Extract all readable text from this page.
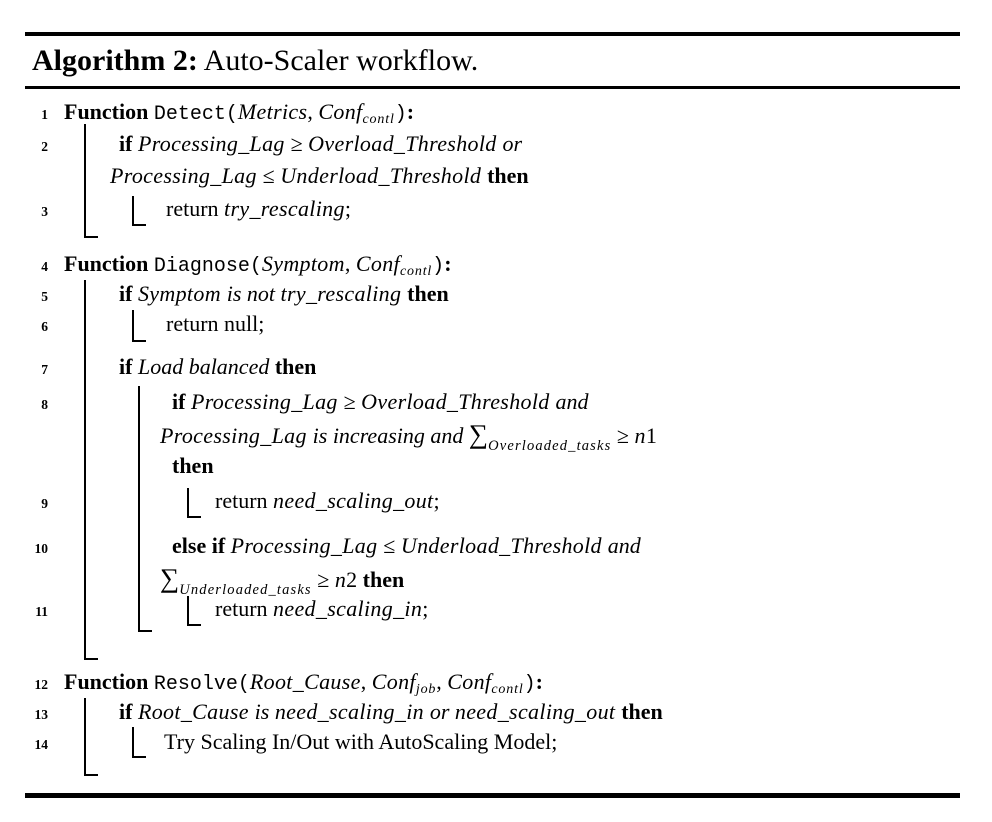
Algorithm 2: Auto-Scaler workflow.
1 Function Detect(Metrics, Conf$_{contl}$):
2	if Processing_Lag ≥ Overload_Threshold or
Processing_Lag ≤ Underload_Threshold then
3	return try_rescaling;
4 Function Diagnose(Symptom, Conf$_{contl}$):
5	if Symptom is not try_rescaling then
6	return null;
7	if Load balanced then
8	if Processing_Lag ≥ Overload_Threshold and
Processing_Lag is increasing and $\sum_{Overloaded\_tasks} \ge n1$
then
9	return need_scaling_out;
10	else if Processing_Lag ≤ Underload_Threshold and
$\sum_{Underloaded\_tasks} \ge n2$ then
11	return need_scaling_in;
12 Function Resolve(Root_Cause, Conf$_{job}$, Conf$_{contl}$):
13	if Root_Cause is need_scaling_in or need_scaling_out then
14	Try Scaling In/Out with AutoScaling Model;
